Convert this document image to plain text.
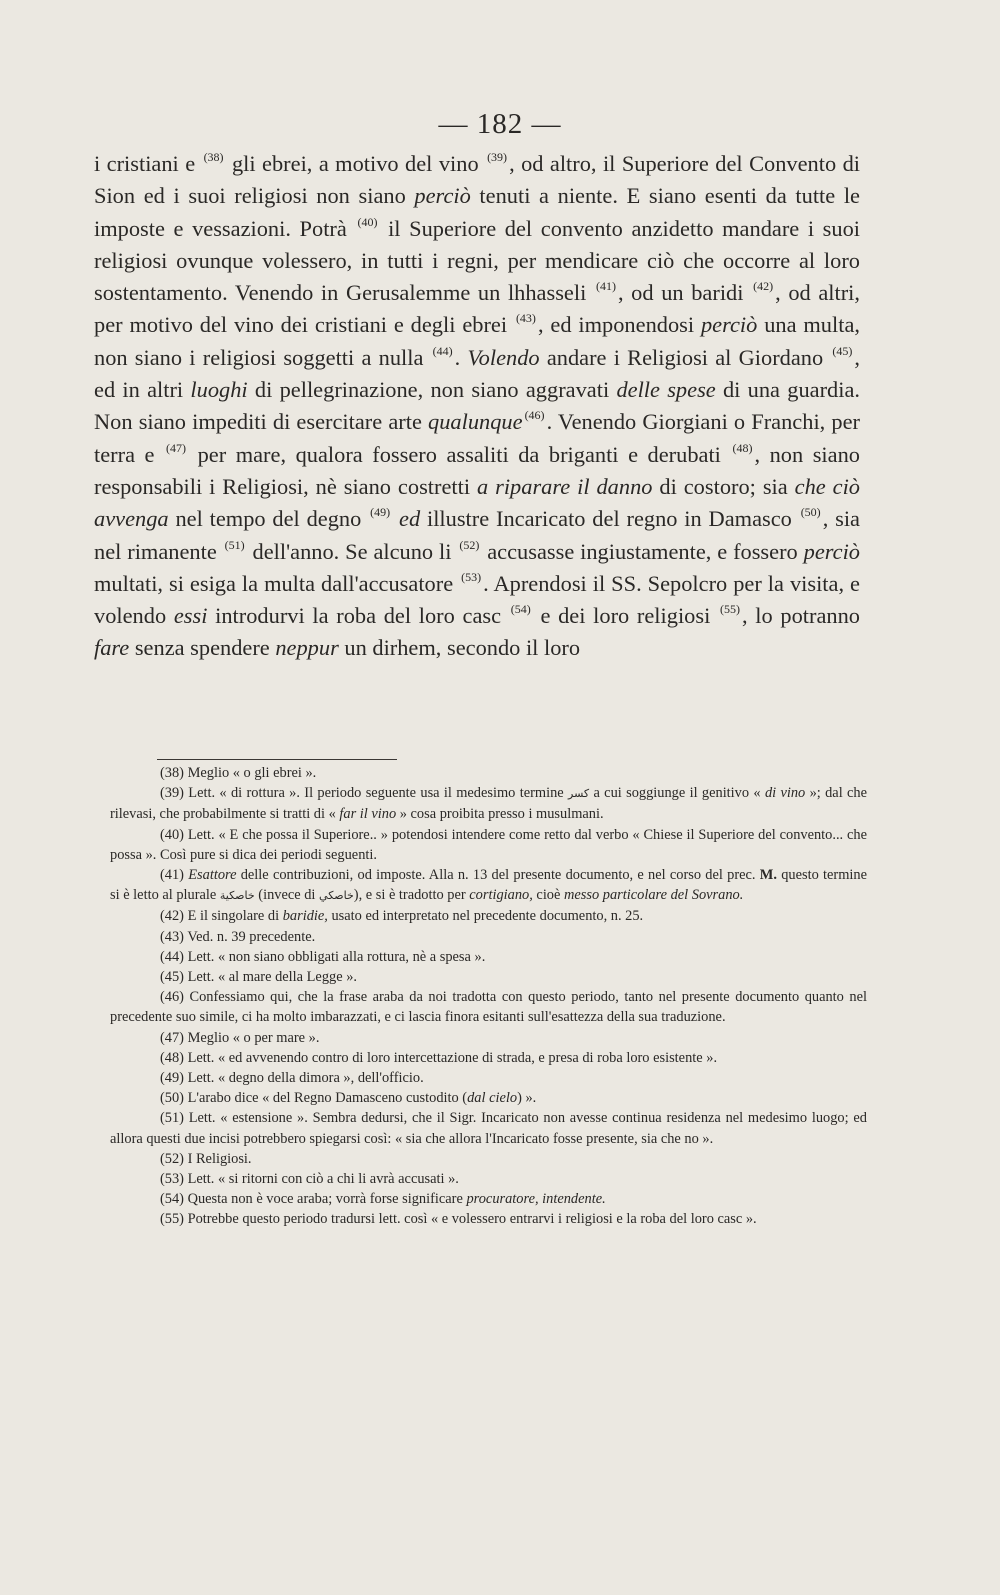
— 182 —

i cristiani e $^{(38)}$ gli ebrei, a motivo del vino $^{(39)}$, od altro, il Superiore del Convento di Sion ed i suoi religiosi non siano perciò tenuti a niente. E siano esenti da tutte le imposte e vessazioni. Potrà $^{(40)}$ il Superiore del convento anzidetto mandare i suoi religiosi ovunque volessero, in tutti i regni, per mendicare ciò che occorre al loro sostentamento. Venendo in Gerusalemme un lhhasseli $^{(41)}$, od un baridi $^{(42)}$, od altri, per motivo del vino dei cristiani e degli ebrei $^{(43)}$, ed imponendosi perciò una multa, non siano i religiosi soggetti a nulla $^{(44)}$. Volendo andare i Religiosi al Giordano $^{(45)}$, ed in altri luoghi di pellegrinazione, non siano aggravati delle spese di una guardia. Non siano impediti di esercitare arte qualunque $^{(46)}$. Venendo Giorgiani o Franchi, per terra e $^{(47)}$ per mare, qualora fossero assaliti da briganti e derubati $^{(48)}$, non siano responsabili i Religiosi, nè siano costretti a riparare il danno di costoro; sia che ciò avvenga nel tempo del degno $^{(49)}$ ed illustre Incaricato del regno in Damasco $^{(50)}$, sia nel rimanente $^{(51)}$ dell'anno. Se alcuno li $^{(52)}$ accusasse ingiustamente, e fossero perciò multati, si esiga la multa dall'accusatore $^{(53)}$. Aprendosi il SS. Sepolcro per la visita, e volendo essi introdurvi la roba del loro casc $^{(54)}$ e dei loro religiosi $^{(55)}$, lo potranno fare senza spendere neppur un dirhem, secondo il loro

(38) Meglio « o gli ebrei ».

(39) Lett. « di rottura ». Il periodo seguente usa il medesimo termine كسر a cui soggiunge il genitivo « di vino »; dal che rilevasi, che probabilmente si tratti di « far il vino » cosa proibita presso i musulmani.

(40) Lett. « E che possa il Superiore.. » potendosi intendere come retto dal verbo « Chiese il Superiore del convento... che possa ». Così pure si dica dei periodi seguenti.

(41) Esattore delle contribuzioni, od imposte. Alla n. 13 del presente documento, e nel corso del prec. M. questo termine si è letto al plurale خاصكية (invece di خاصكي), e si è tradotto per cortigiano, cioè messo particolare del Sovrano.

(42) E il singolare di baridie, usato ed interpretato nel precedente documento, n. 25.

(43) Ved. n. 39 precedente.

(44) Lett. « non siano obbligati alla rottura, nè a spesa ».

(45) Lett. « al mare della Legge ».

(46) Confessiamo qui, che la frase araba da noi tradotta con questo periodo, tanto nel presente documento quanto nel precedente suo simile, ci ha molto imbarazzati, e ci lascia finora esitanti sull'esattezza della sua traduzione.

(47) Meglio « o per mare ».

(48) Lett. « ed avvenendo contro di loro intercettazione di strada, e presa di roba loro esistente ».

(49) Lett. « degno della dimora », dell'officio.

(50) L'arabo dice « del Regno Damasceno custodito (dal cielo) ».

(51) Lett. « estensione ». Sembra dedursi, che il Sigr. Incaricato non avesse continua residenza nel medesimo luogo; ed allora questi due incisi potrebbero spiegarsi così: « sia che allora l'Incaricato fosse presente, sia che no ».

(52) I Religiosi.

(53) Lett. « si ritorni con ciò a chi li avrà accusati ».

(54) Questa non è voce araba; vorrà forse significare procuratore, intendente.

(55) Potrebbe questo periodo tradursi lett. così « e volessero entrarvi i religiosi e la roba del loro casc ».
